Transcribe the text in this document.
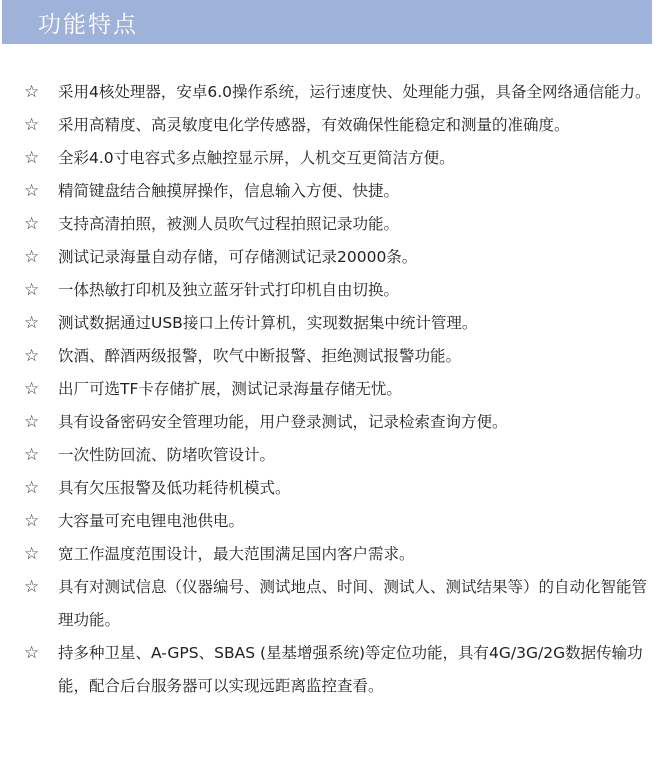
功能特点
☆	采用4核处理器，安卓6.0操作系统，运行速度快、处理能力强，具备全网络通信能力。
☆	采用高精度、高灵敏度电化学传感器，有效确保性能稳定和测量的准确度。
☆	全彩4.0寸电容式多点触控显示屏，人机交互更简洁方便。
☆	精简键盘结合触摸屏操作，信息输入方便、快捷。
☆	支持高清拍照，被测人员吹气过程拍照记录功能。
☆	测试记录海量自动存储，可存储测试记录20000条。
☆	一体热敏打印机及独立蓝牙针式打印机自由切换。
☆	测试数据通过USB接口上传计算机，实现数据集中统计管理。
☆	饮酒、醉酒两级报警，吹气中断报警、拒绝测试报警功能。
☆	出厂可选TF卡存储扩展，测试记录海量存储无忧。
☆	具有设备密码安全管理功能，用户登录测试，记录检索查询方便。
☆	一次性防回流、防堵吹管设计。
☆	具有欠压报警及低功耗待机模式。
☆	大容量可充电锂电池供电。
☆	宽工作温度范围设计，最大范围满足国内客户需求。
☆	具有对测试信息（仪器编号、测试地点、时间、测试人、测试结果等）的自动化智能管理功能。
☆	持多种卫星、A-GPS、SBAS (星基增强系统)等定位功能，具有4G/3G/2G数据传输功能，配合后台服务器可以实现远距离监控查看。
